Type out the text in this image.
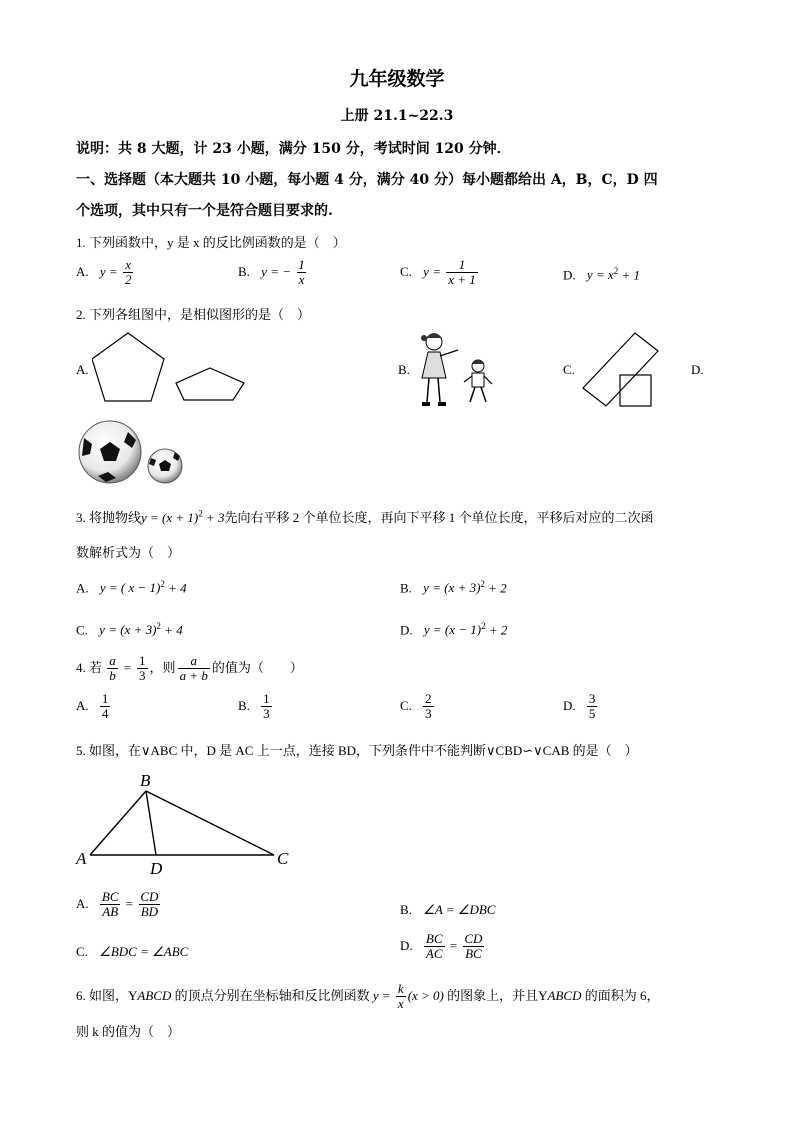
九年级数学
上册 21.1~22.3
说明：共 8 大题，计 23 小题，满分 150 分，考试时间 120 分钟．
一、选择题（本大题共 10 小题，每小题 4 分，满分 40 分）每小题都给出 A，B，C，D 四
个选项，其中只有一个是符合题目要求的.
1. 下列函数中，y 是 x 的反比例函数的是（　）
A. $y = \frac{x}{2}$	B. y = − $\frac{1}{x}$	C. $y = \frac{1}{x + 1}$	D. $y = x^2 + 1$
2. 下列各组图中，是相似图形的是（　）
A.	B.	C.	D.
3. 将抛物线$y = (x + 1)^2 + 3$先向右平移 2 个单位长度，再向下平移 1 个单位长度，平移后对应的二次函
数解析式为（　）
A. y = ( x − 1)$^2$ + 4	B. $y = (x + 3)^2 + 2$
C. $y = (x + 3)^2 + 4$	D. $y = (x - 1)^2 + 2$
4. 若 $\frac{a}{b} = \frac{1}{3}$ ，则 $\frac{a}{a + b}$ 的值为（　　）
A. $\frac{1}{4}$	B. $\frac{1}{3}$	C. $\frac{2}{3}$	D. $\frac{3}{5}$
5. 如图，在∨ABC 中，D 是 AC 上一点，连接 BD，下列条件中不能判断∨CBD∽∨CAB 的是（　）
B
A
D
C
A. $\frac{BC}{AB} = \frac{CD}{BD}$	B. ∠A = ∠DBC
C. ∠BDC = ∠ABC	D. $\frac{BC}{AC} = \frac{CD}{BC}$
6. 如图，YABCD 的顶点分别在坐标轴和反比例函数 $y = \frac{k}{x} (x > 0)$ 的图象上，并且YABCD 的面积为 6，
则 k 的值为（　）
